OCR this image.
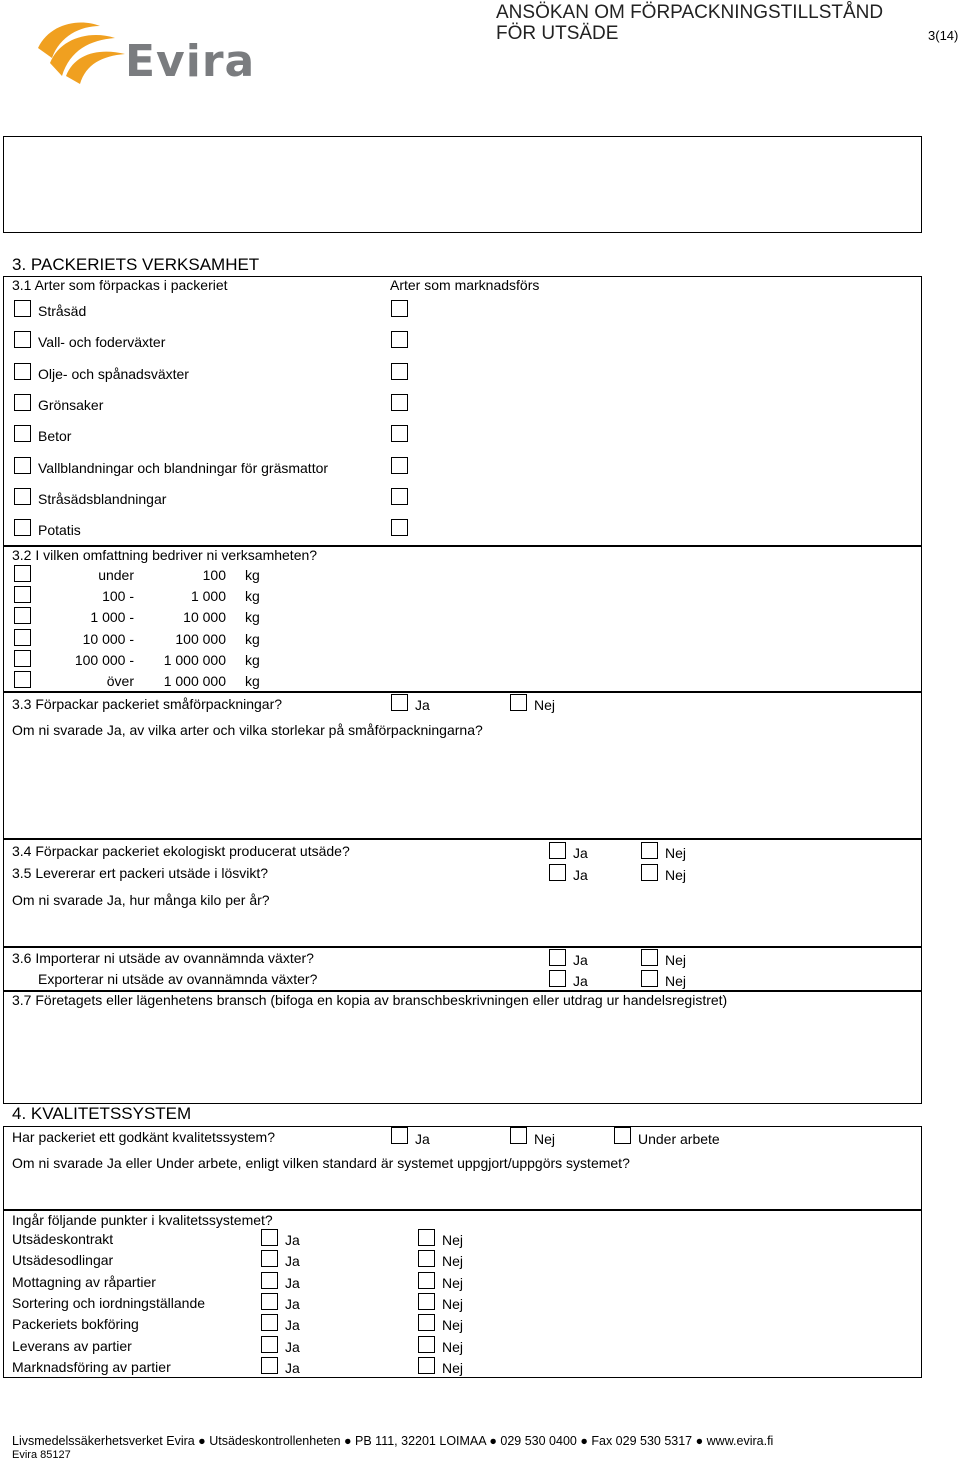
Evira
ANSÖKAN OM FÖRPACKNINGSTILLSTÅND
FÖR UTSÄDE	3(14)
3. PACKERIETS VERKSAMHET
3.1 Arter som förpackas i packeriet	Arter som marknadsförs
Stråsäd
Vall- och foderväxter
Olje- och spånadsväxter
Grönsaker
Betor
Vallblandningar och blandningar för gräsmattor
Stråsädsblandningar
Potatis
3.2 I vilken omfattning bedriver ni verksamheten?
under	100 kg
100 -	1 000 kg
1 000 -	10 000 kg
10 000 -	100 000 kg
100 000 -	1 000 000 kg
över	1 000 000 kg
3.3 Förpackar packeriet småförpackningar?	Ja	Nej
Om ni svarade Ja, av vilka arter och vilka storlekar på småförpackningarna?
3.4 Förpackar packeriet ekologiskt producerat utsäde?	Ja	Nej
3.5 Levererar ert packeri utsäde i lösvikt?	Ja	Nej
Om ni svarade Ja, hur många kilo per år?
3.6 Importerar ni utsäde av ovannämnda växter?	Ja	Nej
Exporterar ni utsäde av ovannämnda växter?	Ja	Nej
3.7 Företagets eller lägenhetens bransch (bifoga en kopia av branschbeskrivningen eller utdrag ur handelsregistret)
4. KVALITETSSYSTEM
Har packeriet ett godkänt kvalitetssystem?	Ja	Nej	Under arbete
Om ni svarade Ja eller Under arbete, enligt vilken standard är systemet uppgjort/uppgörs systemet?
Ingår följande punkter i kvalitetssystemet?
Utsädeskontrakt	Ja	Nej
Utsädesodlingar	Ja	Nej
Mottagning av råpartier	Ja	Nej
Sortering och iordningställande	Ja	Nej
Packeriets bokföring	Ja	Nej
Leverans av partier	Ja	Nej
Marknadsföring av partier	Ja	Nej
Livsmedelssäkerhetsverket Evira ● Utsädeskontrollenheten ● PB 111, 32201 LOIMAA ● 029 530 0400 ● Fax 029 530 5317 ● www.evira.fi
Evira 85127
